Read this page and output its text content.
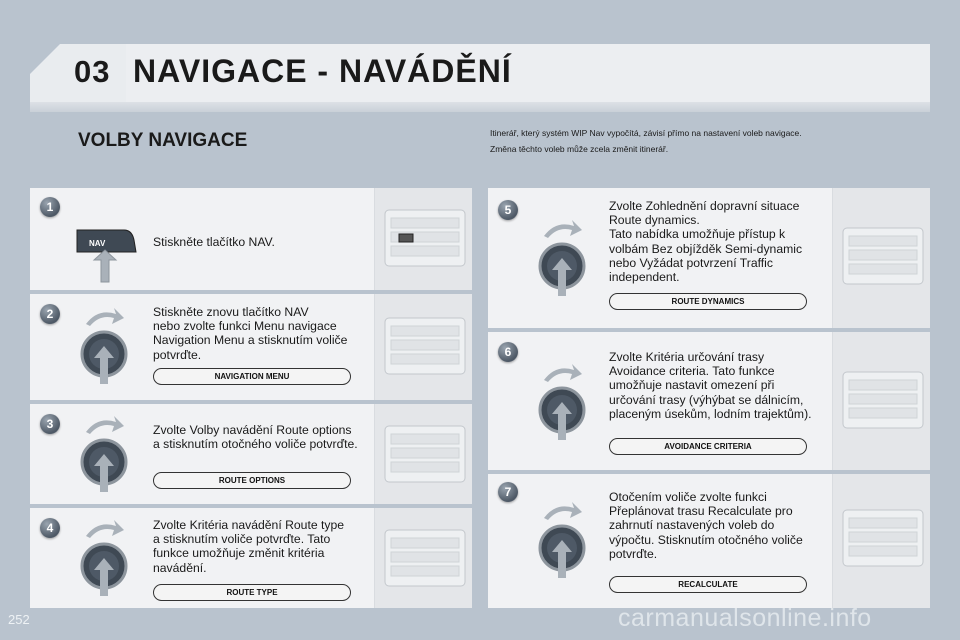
03 NAVIGACE - NAVÁDĚNÍ
VOLBY NAVIGACE	Itinerář, který systém WIP Nav vypočítá, závisí přímo na nastavení voleb navigace.
Změna těchto voleb může zcela změnit itinerář.
1
NAV	Stiskněte tlačítko NAV.
2	Stiskněte znovu tlačítko NAV
nebo zvolte funkci Menu navigace
Navigation Menu a stisknutím voliče
potvrďte.
NAVIGATION MENU
3	Zvolte Volby navádění Route options
a stisknutím otočného voliče potvrďte.
ROUTE OPTIONS
4	Zvolte Kritéria navádění Route type
a stisknutím voliče potvrďte. Tato
funkce umožňuje změnit kritéria
navádění.
ROUTE TYPE
5	Zvolte Zohlednění dopravní situace
Route dynamics.
Tato nabídka umožňuje přístup k
volbám Bez objížděk Semi-dynamic
nebo Vyžádat potvrzení Traffic
independent.
ROUTE DYNAMICS
6	Zvolte Kritéria určování trasy
Avoidance criteria. Tato funkce
umožňuje nastavit omezení při
určování trasy (výhýbat se dálnicím,
placeným úsekům, lodním trajektům).
AVOIDANCE CRITERIA
7	Otočením voliče zvolte funkci
Přeplánovat trasu Recalculate pro
zahrnutí nastavených voleb do
výpočtu. Stisknutím otočného voliče
potvrďte.
RECALCULATE
252	carmanualsonline.info
